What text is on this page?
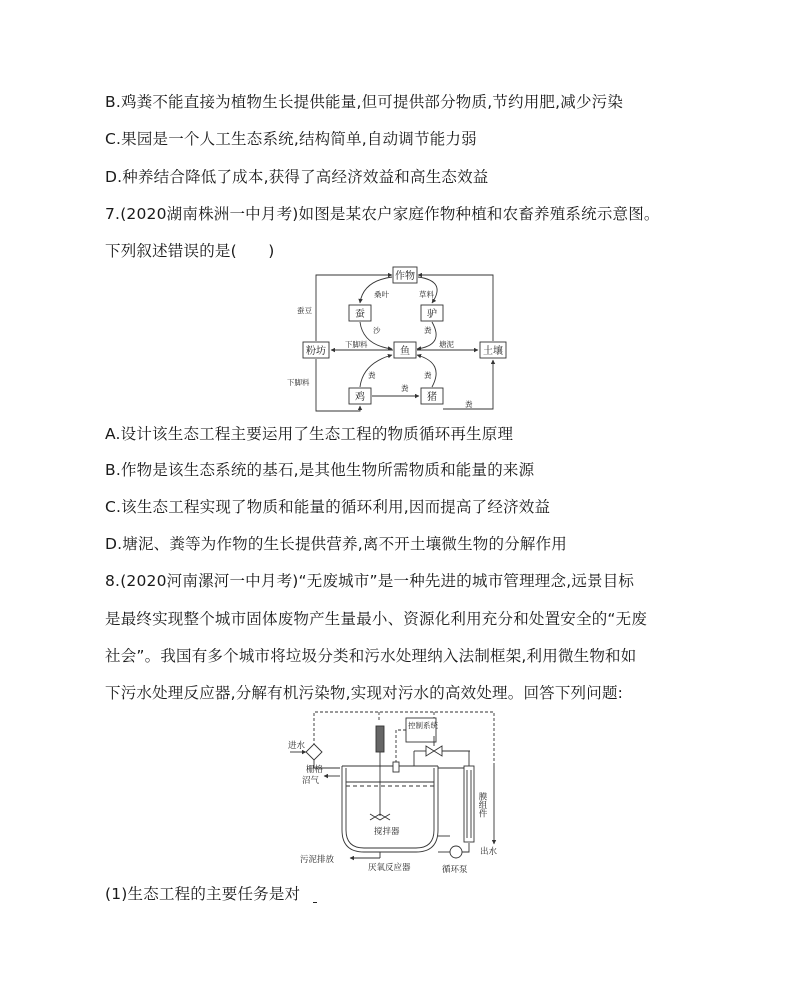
B.鸡粪不能直接为植物生长提供能量,但可提供部分物质,节约用肥,减少污染
C.果园是一个人工生态系统,结构简单,自动调节能力弱
D.种养结合降低了成本,获得了高经济效益和高生态效益
7.(2020湖南株洲一中月考)如图是某农户家庭作物种植和农畜养殖系统示意图。
下列叙述错误的是(　　)
作物
蚕	驴
鱼
粉坊	土壤
鸡	猪
桑叶	草料
沙	粪
蚕豆
下脚料	塘泥
下脚料
粪	粪
粪
粪
A.设计该生态工程主要运用了生态工程的物质循环再生原理
B.作物是该生态系统的基石,是其他生物所需物质和能量的来源
C.该生态工程实现了物质和能量的循环利用,因而提高了经济效益
D.塘泥、粪等为作物的生长提供营养,离不开土壤微生物的分解作用
8.(2020河南漯河一中月考)“无废城市”是一种先进的城市管理理念,远景目标
是最终实现整个城市固体废物产生量最小、资源化利用充分和处置安全的“无废
社会”。我国有多个城市将垃圾分类和污水处理纳入法制框架,利用微生物和如
下污水处理反应器,分解有机污染物,实现对污水的高效处理。回答下列问题:
进水
栅格
沼气
控制系统
搅拌器
出水
污泥排放
厌氧反应器	循环泵
膜组件
(1)生态工程的主要任务是对
